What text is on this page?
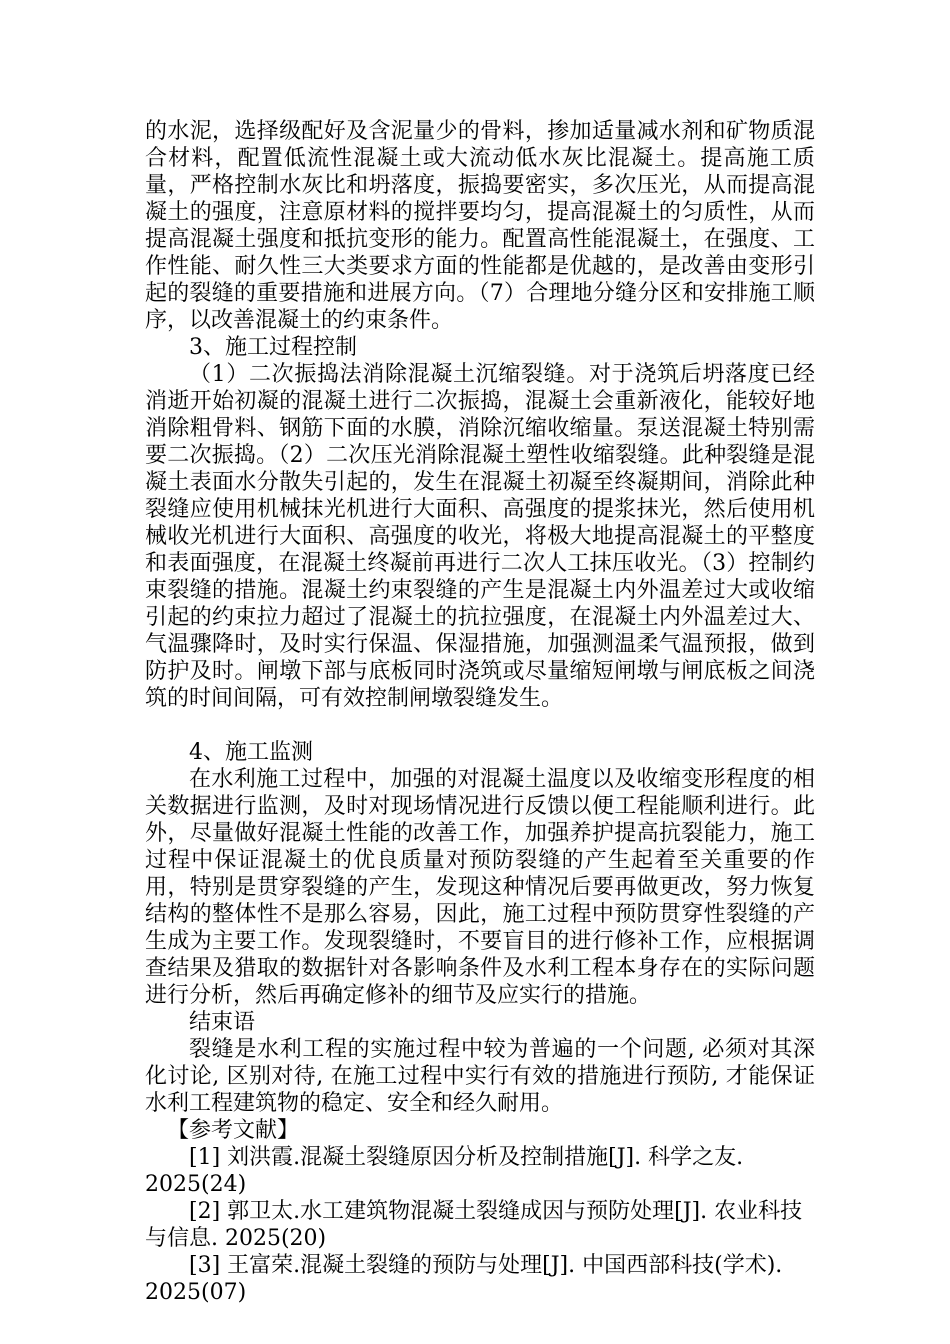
的水泥，选择级配好及含泥量少的骨料，掺加适量减水剂和矿物质混合材料，配置低流性混凝土或大流动低水灰比混凝土。提高施工质量，严格控制水灰比和坍落度，振捣要密实，多次压光，从而提高混凝土的强度，注意原材料的搅拌要均匀，提高混凝土的匀质性，从而提高混凝土强度和抵抗变形的能力。配置高性能混凝土，在强度、工作性能、耐久性三大类要求方面的性能都是优越的，是改善由变形引起的裂缝的重要措施和进展方向。（7）合理地分缝分区和安排施工顺序，以改善混凝土的约束条件。

3、施工过程控制

（1）二次振捣法消除混凝土沉缩裂缝。对于浇筑后坍落度已经消逝开始初凝的混凝土进行二次振捣，混凝土会重新液化，能较好地消除粗骨料、钢筋下面的水膜，消除沉缩收缩量。泵送混凝土特别需要二次振捣。（2）二次压光消除混凝土塑性收缩裂缝。此种裂缝是混凝土表面水分散失引起的，发生在混凝土初凝至终凝期间，消除此种裂缝应使用机械抹光机进行大面积、高强度的提浆抹光，然后使用机械收光机进行大面积、高强度的收光，将极大地提高混凝土的平整度和表面强度，在混凝土终凝前再进行二次人工抹压收光。（3）控制约束裂缝的措施。混凝土约束裂缝的产生是混凝土内外温差过大或收缩引起的约束拉力超过了混凝土的抗拉强度，在混凝土内外温差过大、气温骤降时，及时实行保温、保湿措施，加强测温柔气温预报，做到防护及时。闸墩下部与底板同时浇筑或尽量缩短闸墩与闸底板之间浇筑的时间间隔，可有效控制闸墩裂缝发生。

4、施工监测

在水利施工过程中，加强的对混凝土温度以及收缩变形程度的相关数据进行监测，及时对现场情况进行反馈以便工程能顺利进行。此外，尽量做好混凝土性能的改善工作，加强养护提高抗裂能力，施工过程中保证混凝土的优良质量对预防裂缝的产生起着至关重要的作用，特别是贯穿裂缝的产生，发现这种情况后要再做更改，努力恢复结构的整体性不是那么容易，因此，施工过程中预防贯穿性裂缝的产生成为主要工作。发现裂缝时，不要盲目的进行修补工作，应根据调查结果及猎取的数据针对各影响条件及水利工程本身存在的实际问题进行分析，然后再确定修补的细节及应实行的措施。

结束语

裂缝是水利工程的实施过程中较为普遍的一个问题, 必须对其深化讨论, 区别对待, 在施工过程中实行有效的措施进行预防, 才能保证水利工程建筑物的稳定、安全和经久耐用。

【参考文献】

[1] 刘洪霞.混凝土裂缝原因分析及控制措施[J]. 科学之友. 2025(24)

[2] 郭卫太.水工建筑物混凝土裂缝成因与预防处理[J]. 农业科技与信息. 2025(20)

[3] 王富荣.混凝土裂缝的预防与处理[J]. 中国西部科技(学术). 2025(07)
